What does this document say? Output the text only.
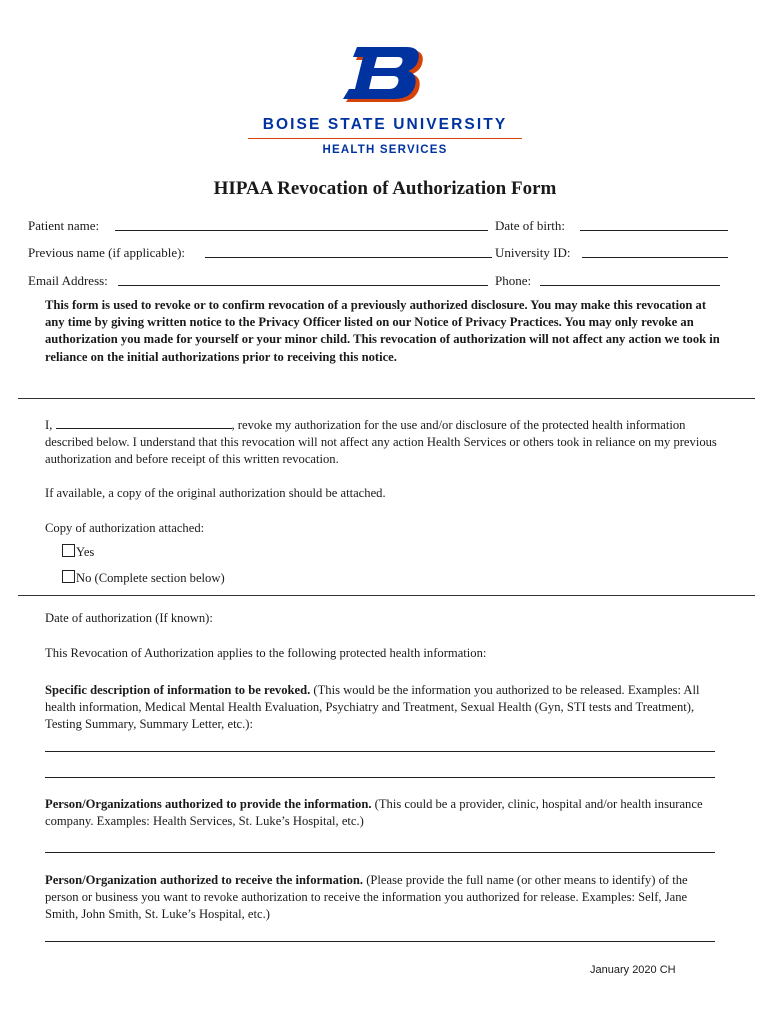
BOISE STATE UNIVERSITY
HEALTH SERVICES
HIPAA Revocation of Authorization Form
Patient name:	Date of birth:
Previous name (if applicable):	University ID:
Email Address:	Phone:
This form is used to revoke or to confirm revocation of a previously authorized disclosure. You may make this revocation at any time by giving written notice to the Privacy Officer listed on our Notice of Privacy Practices. You may only revoke an authorization you made for yourself or your minor child. This revocation of authorization will not affect any action we took in reliance on the initial authorizations prior to receiving this notice.
I,	, revoke my authorization for the use and/or disclosure of the protected health information described below. I understand that this revocation will not affect any action Health Services or others took in reliance on my previous authorization and before receipt of this written revocation.
If available, a copy of the original authorization should be attached.
Copy of authorization attached:
Yes
No (Complete section below)
Date of authorization (If known):
This Revocation of Authorization applies to the following protected health information:
Specific description of information to be revoked. (This would be the information you authorized to be released. Examples: All health information, Medical Mental Health Evaluation, Psychiatry and Treatment, Sexual Health (Gyn, STI tests and Treatment), Testing Summary, Summary Letter, etc.):
Person/Organizations authorized to provide the information. (This could be a provider, clinic, hospital and/or health insurance company. Examples: Health Services, St. Luke’s Hospital, etc.)
Person/Organization authorized to receive the information. (Please provide the full name (or other means to identify) of the person or business you want to revoke authorization to receive the information you authorized for release. Examples: Self, Jane Smith, John Smith, St. Luke’s Hospital, etc.)
January 2020 CH
